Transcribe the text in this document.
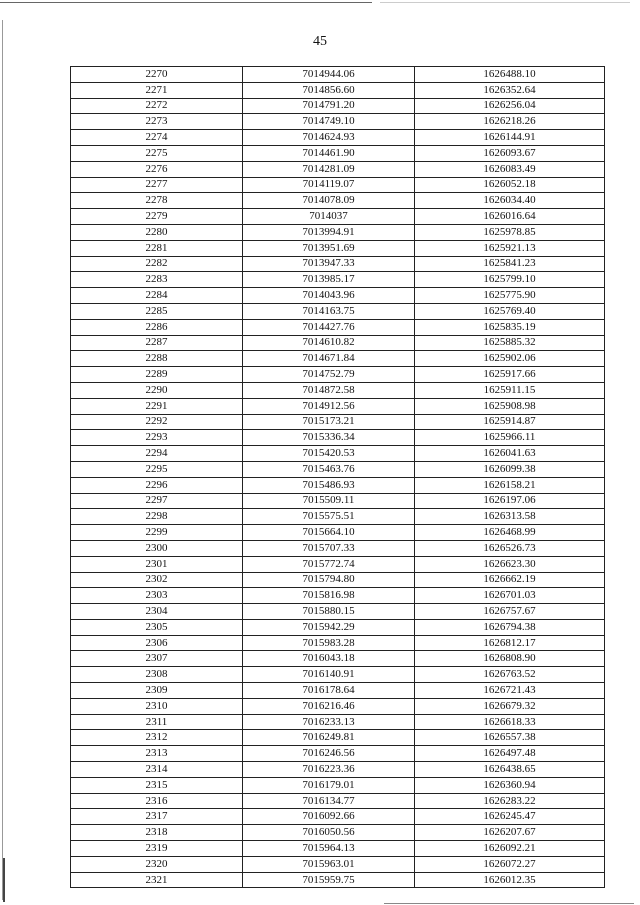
45
2270	7014944.06	1626488.10
2271	7014856.60	1626352.64
2272	7014791.20	1626256.04
2273	7014749.10	1626218.26
2274	7014624.93	1626144.91
2275	7014461.90	1626093.67
2276	7014281.09	1626083.49
2277	7014119.07	1626052.18
2278	7014078.09	1626034.40
2279	7014037	1626016.64
2280	7013994.91	1625978.85
2281	7013951.69	1625921.13
2282	7013947.33	1625841.23
2283	7013985.17	1625799.10
2284	7014043.96	1625775.90
2285	7014163.75	1625769.40
2286	7014427.76	1625835.19
2287	7014610.82	1625885.32
2288	7014671.84	1625902.06
2289	7014752.79	1625917.66
2290	7014872.58	1625911.15
2291	7014912.56	1625908.98
2292	7015173.21	1625914.87
2293	7015336.34	1625966.11
2294	7015420.53	1626041.63
2295	7015463.76	1626099.38
2296	7015486.93	1626158.21
2297	7015509.11	1626197.06
2298	7015575.51	1626313.58
2299	7015664.10	1626468.99
2300	7015707.33	1626526.73
2301	7015772.74	1626623.30
2302	7015794.80	1626662.19
2303	7015816.98	1626701.03
2304	7015880.15	1626757.67
2305	7015942.29	1626794.38
2306	7015983.28	1626812.17
2307	7016043.18	1626808.90
2308	7016140.91	1626763.52
2309	7016178.64	1626721.43
2310	7016216.46	1626679.32
2311	7016233.13	1626618.33
2312	7016249.81	1626557.38
2313	7016246.56	1626497.48
2314	7016223.36	1626438.65
2315	7016179.01	1626360.94
2316	7016134.77	1626283.22
2317	7016092.66	1626245.47
2318	7016050.56	1626207.67
2319	7015964.13	1626092.21
2320	7015963.01	1626072.27
2321	7015959.75	1626012.35
